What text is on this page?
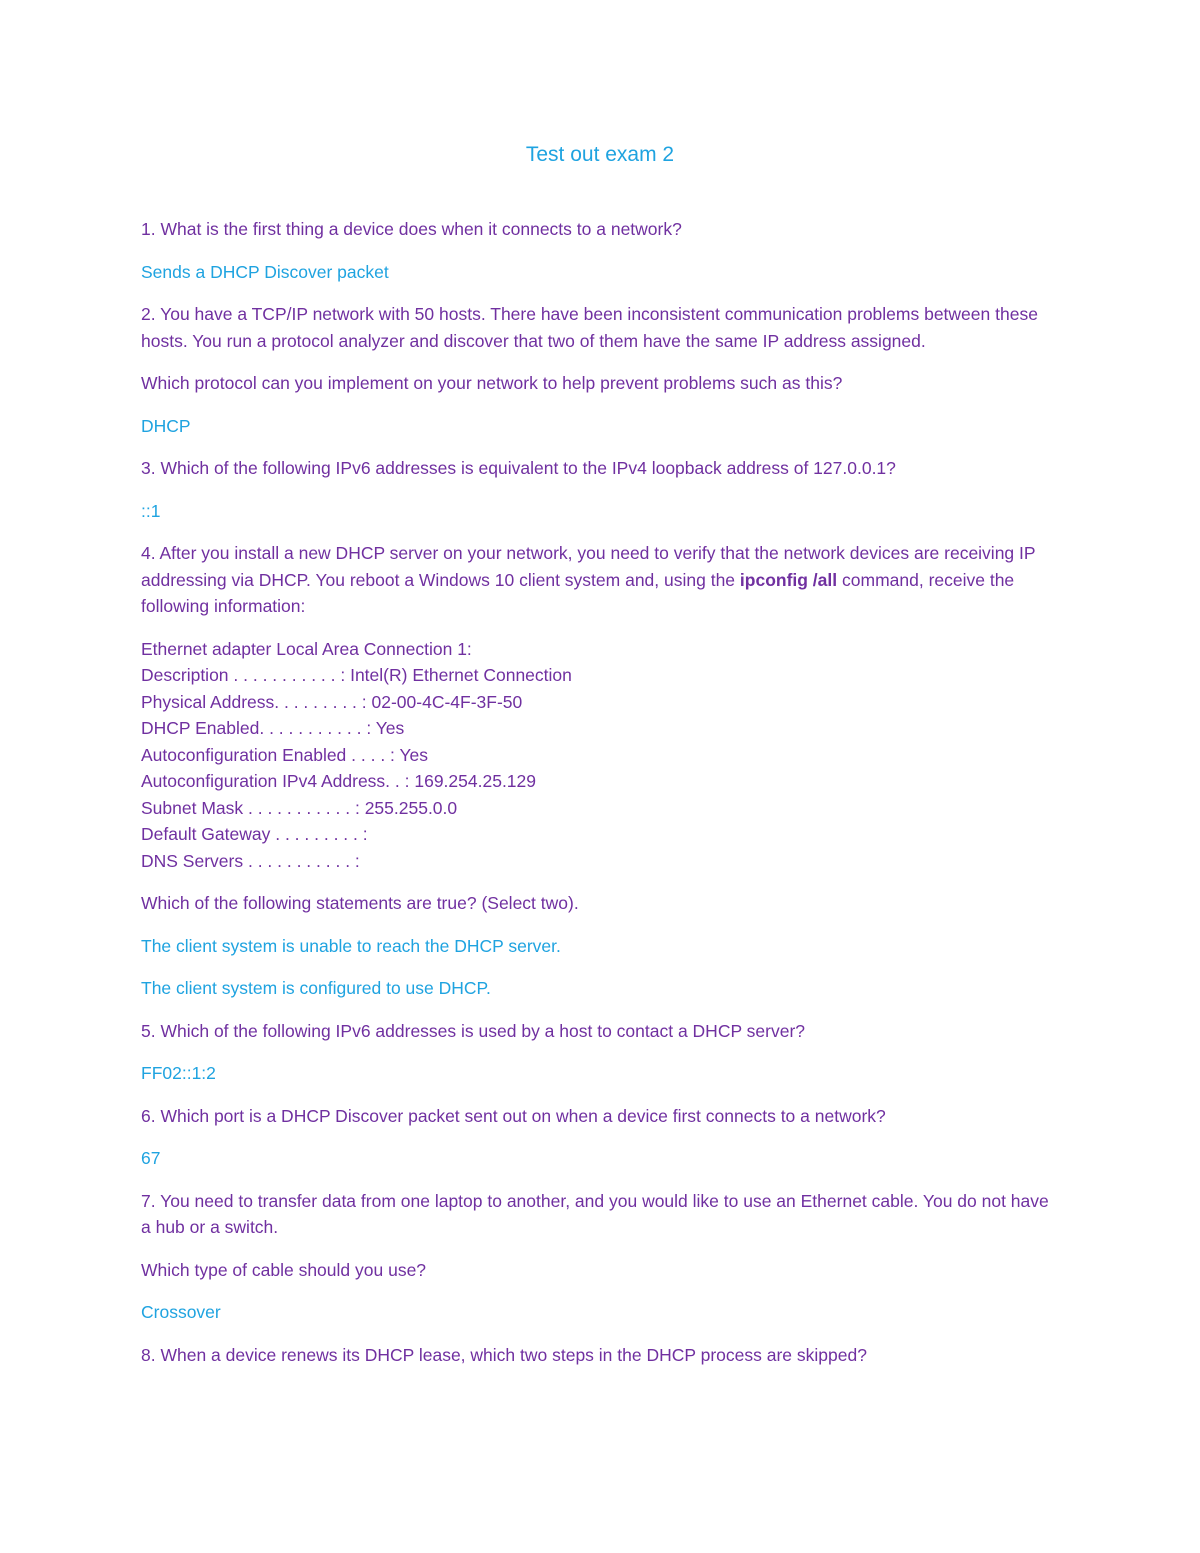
Test out exam 2

1. What is the first thing a device does when it connects to a network?

Sends a DHCP Discover packet

2. You have a TCP/IP network with 50 hosts. There have been inconsistent communication problems between these hosts. You run a protocol analyzer and discover that two of them have the same IP address assigned.

Which protocol can you implement on your network to help prevent problems such as this?

DHCP

3. Which of the following IPv6 addresses is equivalent to the IPv4 loopback address of 127.0.0.1?

::1

4. After you install a new DHCP server on your network, you need to verify that the network devices are receiving IP addressing via DHCP. You reboot a Windows 10 client system and, using the ipconfig /all command, receive the following information:

Ethernet adapter Local Area Connection 1:

Description . . . . . . . . . . . : Intel(R) Ethernet Connection

Physical Address. . . . . . . . . : 02-00-4C-4F-3F-50

DHCP Enabled. . . . . . . . . . . : Yes

Autoconfiguration Enabled . . . . : Yes

Autoconfiguration IPv4 Address. . : 169.254.25.129

Subnet Mask . . . . . . . . . . . : 255.255.0.0

Default Gateway . . . . . . . . . :

DNS Servers . . . . . . . . . . . :

Which of the following statements are true? (Select two).

The client system is unable to reach the DHCP server.

The client system is configured to use DHCP.

5. Which of the following IPv6 addresses is used by a host to contact a DHCP server?

FF02::1:2

6. Which port is a DHCP Discover packet sent out on when a device first connects to a network?

67

7. You need to transfer data from one laptop to another, and you would like to use an Ethernet cable. You do not have a hub or a switch.

Which type of cable should you use?

Crossover

8. When a device renews its DHCP lease, which two steps in the DHCP process are skipped?
